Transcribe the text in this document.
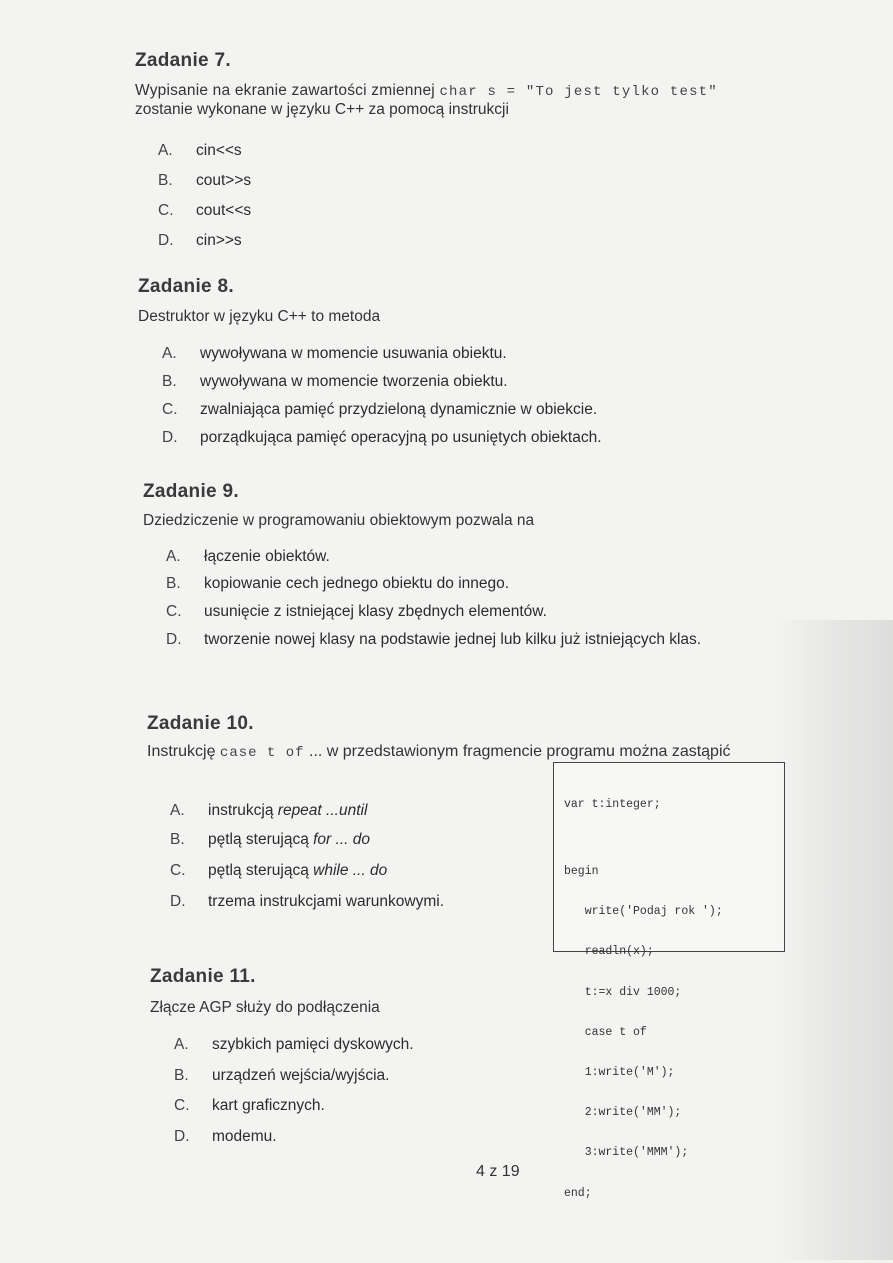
Zadanie 7.
Wypisanie na ekranie zawartości zmiennej char s = "To jest tylko test"
zostanie wykonane w języku C++ za pomocą instrukcji
A. cin<<s
B. cout>>s
C. cout<<s
D. cin>>s
Zadanie 8.
Destruktor w języku C++ to metoda
A. wywoływana w momencie usuwania obiektu.
B. wywoływana w momencie tworzenia obiektu.
C. zwalniająca pamięć przydzieloną dynamicznie w obiekcie.
D. porządkująca pamięć operacyjną po usuniętych obiektach.
Zadanie 9.
Dziedziczenie w programowaniu obiektowym pozwala na
A. łączenie obiektów.
B. kopiowanie cech jednego obiektu do innego.
C. usunięcie z istniejącej klasy zbędnych elementów.
D. tworzenie nowej klasy na podstawie jednej lub kilku już istniejących klas.
Zadanie 10.
Instrukcję case t of ... w przedstawionym fragmencie programu można zastąpić
A. instrukcją repeat ...until
B. pętlą sterującą for ... do
C. pętlą sterującą while ... do
D. trzema instrukcjami warunkowymi.

var t:integer;

begin

write('Podaj rok ');

readln(x);

t:=x div 1000;

case t of

1:write('M');

2:write('MM');

3:write('MMM');

end;

Zadanie 11.
Złącze AGP służy do podłączenia
A. szybkich pamięci dyskowych.
B. urządzeń wejścia/wyjścia.
C. kart graficznych.
D. modemu.
4 z 19
